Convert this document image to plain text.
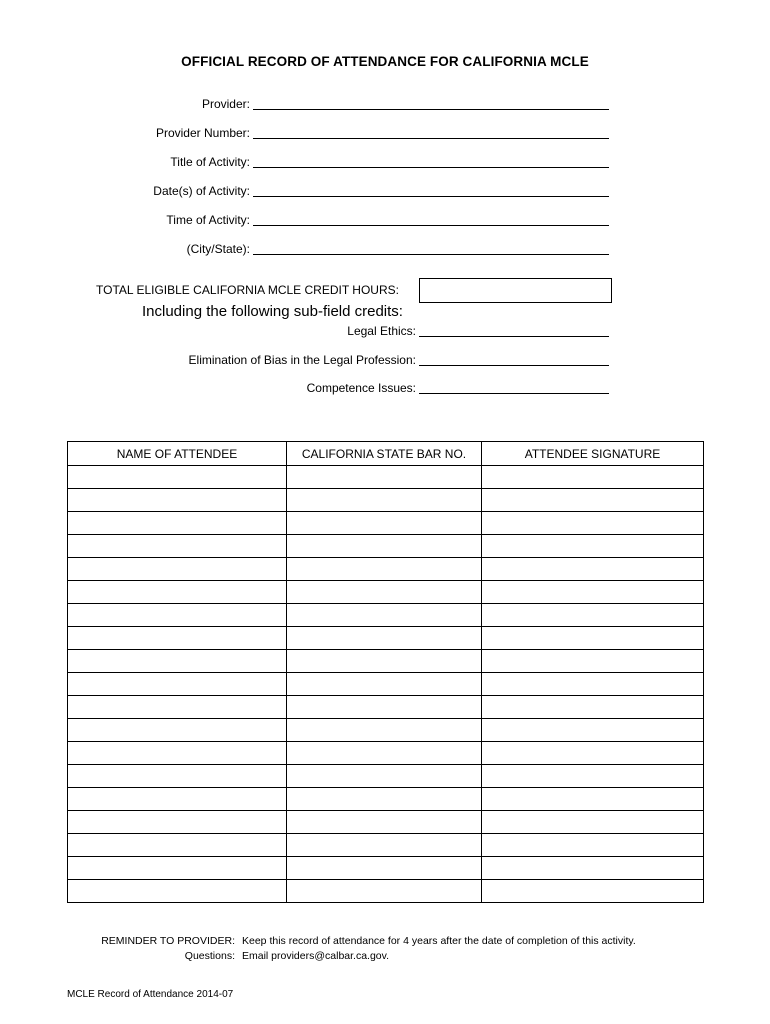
OFFICIAL RECORD OF ATTENDANCE FOR CALIFORNIA MCLE
Provider:
Provider Number:
Title of Activity:
Date(s) of Activity:
Time of Activity:
(City/State):
TOTAL ELIGIBLE CALIFORNIA MCLE CREDIT HOURS:
Including the following sub-field credits:
Legal Ethics:
Elimination of Bias in the Legal Profession:
Competence Issues:
NAME OF ATTENDEE	CALIFORNIA STATE BAR NO.	ATTENDEE SIGNATURE

REMINDER TO PROVIDER: Keep this record of attendance for 4 years after the date of completion of this activity.
Questions: Email providers@calbar.ca.gov.
MCLE Record of Attendance 2014-07
